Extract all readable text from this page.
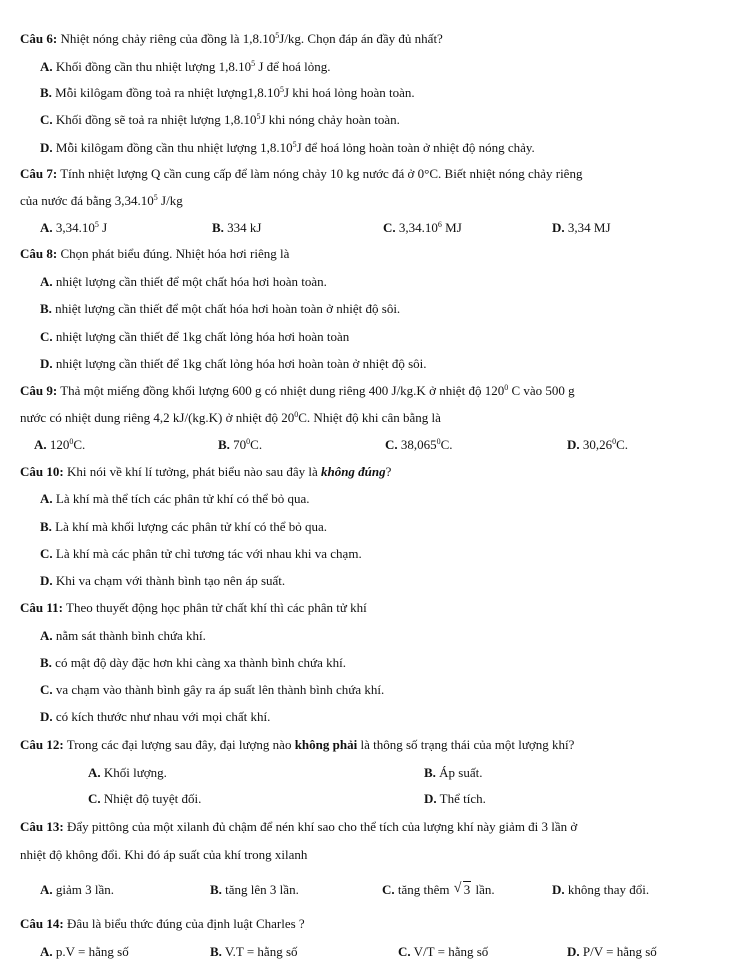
Câu 6: Nhiệt nóng chảy riêng của đồng là 1,8.10$^5$J/kg. Chọn đáp án đầy đủ nhất?
A. Khối đồng cần thu nhiệt lượng 1,8.10$^5$ J để hoá lỏng.
B. Mỗi kilôgam đồng toả ra nhiệt lượng1,8.10$^5$J khi hoá lỏng hoàn toàn.
C. Khối đồng sẽ toả ra nhiệt lượng 1,8.10$^5$J khi nóng chảy hoàn toàn.
D. Mỗi kilôgam đồng cần thu nhiệt lượng 1,8.10$^5$J để hoá lỏng hoàn toàn ở nhiệt độ nóng chảy.
Câu 7: Tính nhiệt lượng Q cần cung cấp để làm nóng chảy 10 kg nước đá ở 0°C. Biết nhiệt nóng chảy riêng
của nước đá bằng 3,34.10$^5$ J/kg
A. 3,34.10$^5$ J	B. 334 kJ	C. 3,34.10$^6$ MJ	D. 3,34 MJ
Câu 8: Chọn phát biểu đúng. Nhiệt hóa hơi riêng là
A. nhiệt lượng cần thiết để một chất hóa hơi hoàn toàn.
B. nhiệt lượng cần thiết để một chất hóa hơi hoàn toàn ở nhiệt độ sôi.
C. nhiệt lượng cần thiết để 1kg chất lỏng hóa hơi hoàn toàn
D. nhiệt lượng cần thiết để 1kg chất lỏng hóa hơi hoàn toàn ở nhiệt độ sôi.
Câu 9: Thả một miếng đồng khối lượng 600 g có nhiệt dung riêng 400 J/kg.K ở nhiệt độ $120^0$ C vào 500 g
nước có nhiệt dung riêng 4,2 kJ/(kg.K) ở nhiệt độ $20^0C$. Nhiệt độ khi cân bằng là
A. $120^0C$.	B. $70^0C$.	C. 38,065$^0$C.	D. 30,26$^0$C.
Câu 10: Khi nói về khí lí tưởng, phát biểu nào sau đây là không đúng?
A. Là khí mà thể tích các phân tử khí có thể bỏ qua.
B. Là khí mà khối lượng các phân tử khí có thể bỏ qua.
C. Là khí mà các phân tử chỉ tương tác với nhau khi va chạm.
D. Khi va chạm với thành bình tạo nên áp suất.
Câu 11: Theo thuyết động học phân tử chất khí thì các phân tử khí
A. nằm sát thành bình chứa khí.
B. có mật độ dày đặc hơn khi càng xa thành bình chứa khí.
C. va chạm vào thành bình gây ra áp suất lên thành bình chứa khí.
D. có kích thước như nhau với mọi chất khí.
Câu 12: Trong các đại lượng sau đây, đại lượng nào không phải là thông số trạng thái của một lượng khí?
A. Khối lượng.	B. Áp suất.
C. Nhiệt độ tuyệt đối.	D. Thể tích.
Câu 13: Đẩy pittông của một xilanh đủ chậm để nén khí sao cho thể tích của lượng khí này giảm đi 3 lần ở
nhiệt độ không đổi. Khi đó áp suất của khí trong xilanh
A. giảm 3 lần.	B. tăng lên 3 lần.	C. tăng thêm √ 3 lần.	D. không thay đổi.
Câu 14: Đâu là biểu thức đúng của định luật Charles ?
A. p.V = hằng số	B. V.T = hằng số	C. V/T = hằng số	D. P/V = hằng số
